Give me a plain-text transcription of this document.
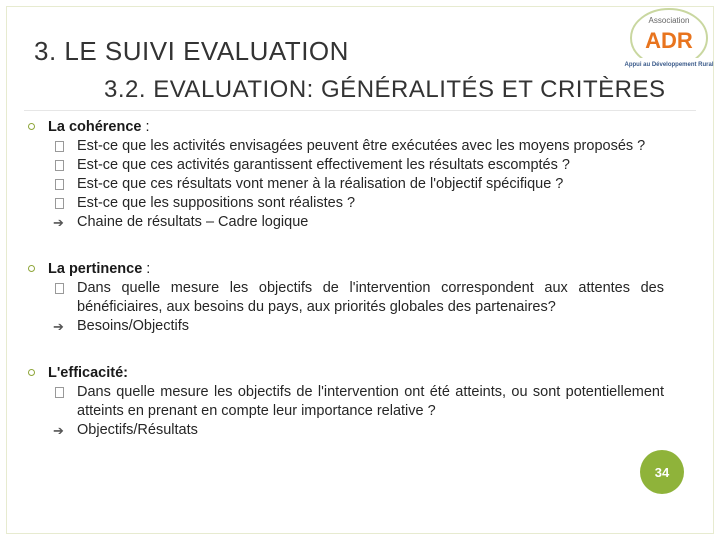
3. LE SUIVI EVALUATION
3.2. EVALUATION: GÉNÉRALITÉS ET CRITÈRES
Association
ADR
Appui au Développement Rural
La cohérence :
Est-ce que les activités envisagées peuvent être exécutées avec les moyens proposés ?
Est-ce que ces activités garantissent effectivement les résultats escomptés ?
Est-ce que ces résultats vont mener à la réalisation de l'objectif spécifique ?
Est-ce que les suppositions sont réalistes ?
➔ Chaine de résultats – Cadre logique
La pertinence :
Dans quelle mesure les objectifs de l'intervention correspondent aux attentes des bénéficiaires, aux besoins du pays, aux priorités globales des partenaires?
➔ Besoins/Objectifs
L'efficacité:
Dans quelle mesure les objectifs de l'intervention ont été atteints, ou sont potentiellement atteints en prenant en compte leur importance relative ?
➔ Objectifs/Résultats
34
